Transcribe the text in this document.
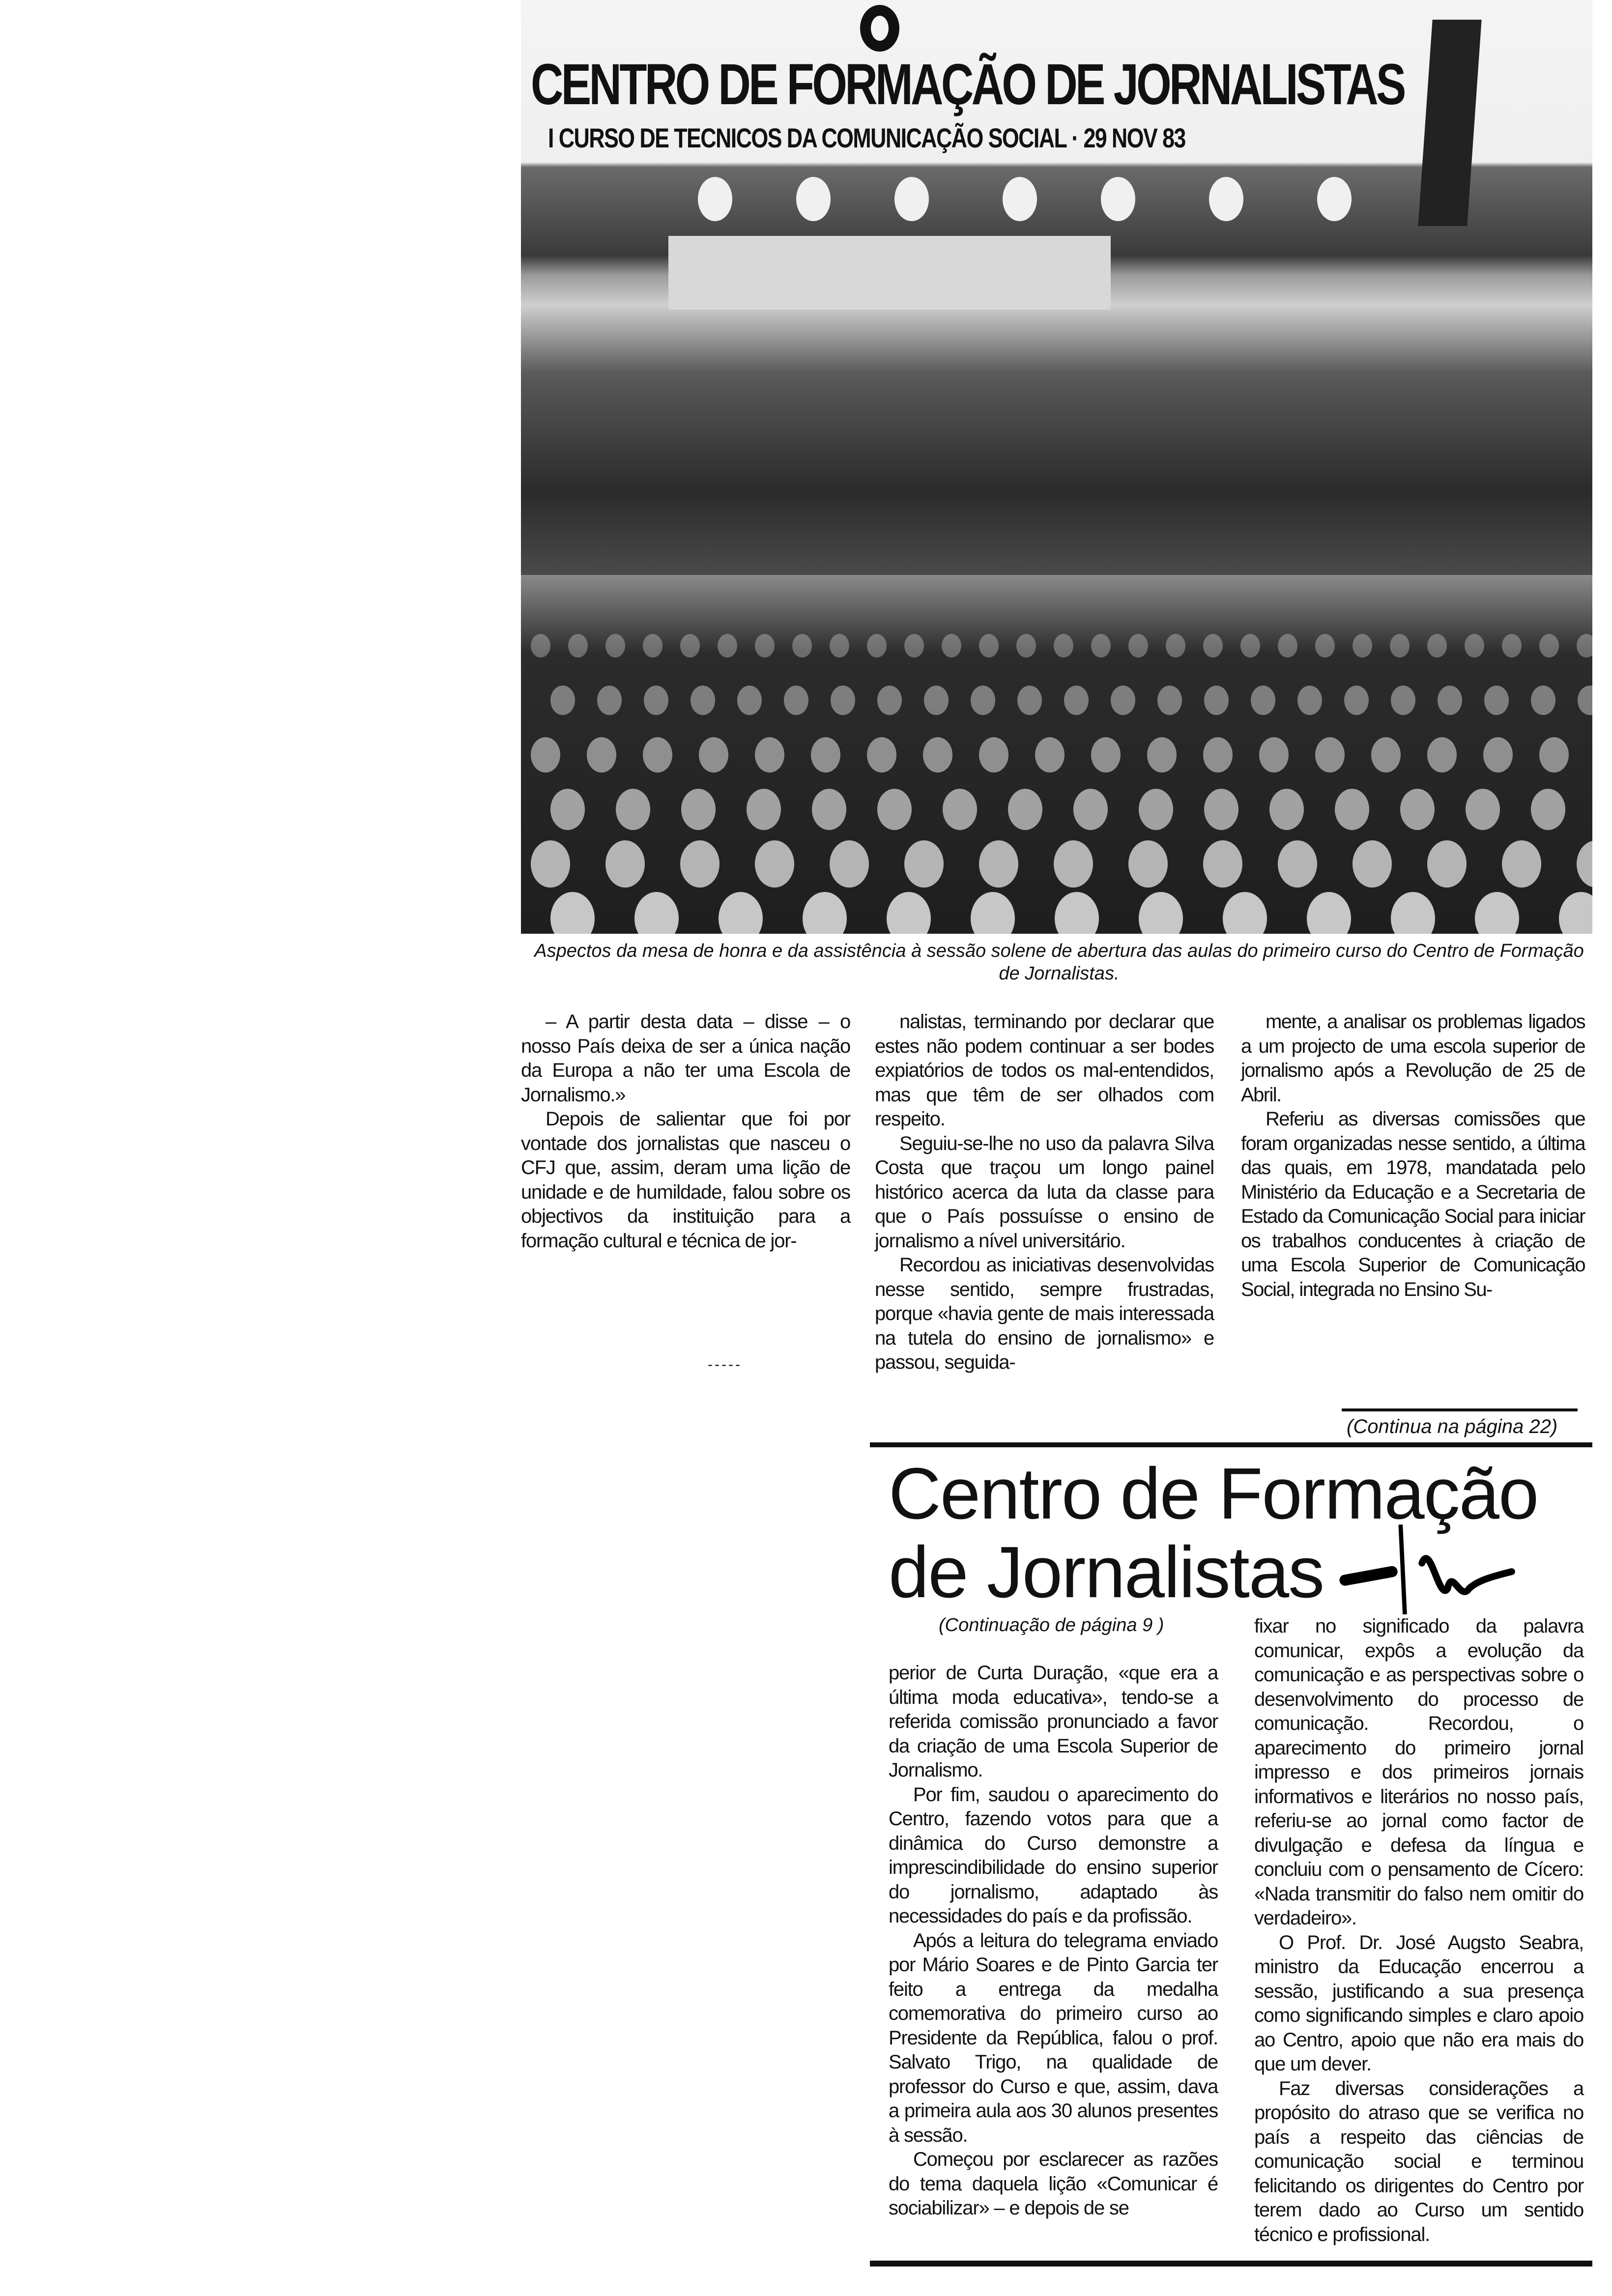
CENTRO DE FORMAÇÃO DE JORNALISTAS
I CURSO DE TECNICOS DA COMUNICAÇÃO SOCIAL · 29 NOV 83
Aspectos da mesa de honra e da assistência à sessão solene de abertura das aulas do primeiro curso do Centro de Formação de Jornalistas.

– A partir desta data – disse – o nosso País deixa de ser a única nação da Europa a não ter uma Escola de Jornalismo.»

Depois de salientar que foi por vontade dos jornalistas que nasceu o CFJ que, assim, deram uma lição de unidade e de humildade, falou sobre os objectivos da instituição para a formação cultural e técnica de jor-

-----

nalistas, terminando por declarar que estes não podem continuar a ser bodes expiatórios de todos os mal-entendidos, mas que têm de ser olhados com respeito.

Seguiu-se-lhe no uso da palavra Silva Costa que traçou um longo painel histórico acerca da luta da classe para que o País possuísse o ensino de jornalismo a nível universitário.

Recordou as iniciativas desenvolvidas nesse sentido, sempre frustradas, porque «havia gente de mais interessada na tutela do ensino de jornalismo» e passou, seguida-

mente, a analisar os problemas ligados a um projecto de uma escola superior de jornalismo após a Revolução de 25 de Abril.

Referiu as diversas comissões que foram organizadas nesse sentido, a última das quais, em 1978, mandatada pelo Ministério da Educação e a Secretaria de Estado da Comunicação Social para iniciar os trabalhos conducentes à criação de uma Escola Superior de Comunicação Social, integrada no Ensino Su-

(Continua na página 22)
Centro de Formação
de Jornalistas
(Continuação de página 9 )

perior de Curta Duração, «que era a última moda educativa», tendo-se a referida comissão pronunciado a favor da criação de uma Escola Superior de Jornalismo.

Por fim, saudou o aparecimento do Centro, fazendo votos para que a dinâmica do Curso demonstre a imprescindibilidade do ensino superior do jornalismo, adaptado às necessidades do país e da profissão.

Após a leitura do telegrama enviado por Mário Soares e de Pinto Garcia ter feito a entrega da medalha comemorativa do primeiro curso ao Presidente da República, falou o prof. Salvato Trigo, na qualidade de professor do Curso e que, assim, dava a primeira aula aos 30 alunos presentes à sessão.

Começou por esclarecer as razões do tema daquela lição «Comunicar é sociabilizar» – e depois de se

fixar no significado da palavra comunicar, expôs a evolução da comunicação e as perspectivas sobre o desenvolvimento do processo de comunicação. Recordou, o aparecimento do primeiro jornal impresso e dos primeiros jornais informativos e literários no nosso país, referiu-se ao jornal como factor de divulgação e defesa da língua e concluiu com o pensamento de Cícero: «Nada transmitir do falso nem omitir do verdadeiro».

O Prof. Dr. José Augsto Seabra, ministro da Educação encerrou a sessão, justificando a sua presença como significando simples e claro apoio ao Centro, apoio que não era mais do que um dever.

Faz diversas considerações a propósito do atraso que se verifica no país a respeito das ciências de comunicação social e terminou felicitando os dirigentes do Centro por terem dado ao Curso um sentido técnico e profissional.
